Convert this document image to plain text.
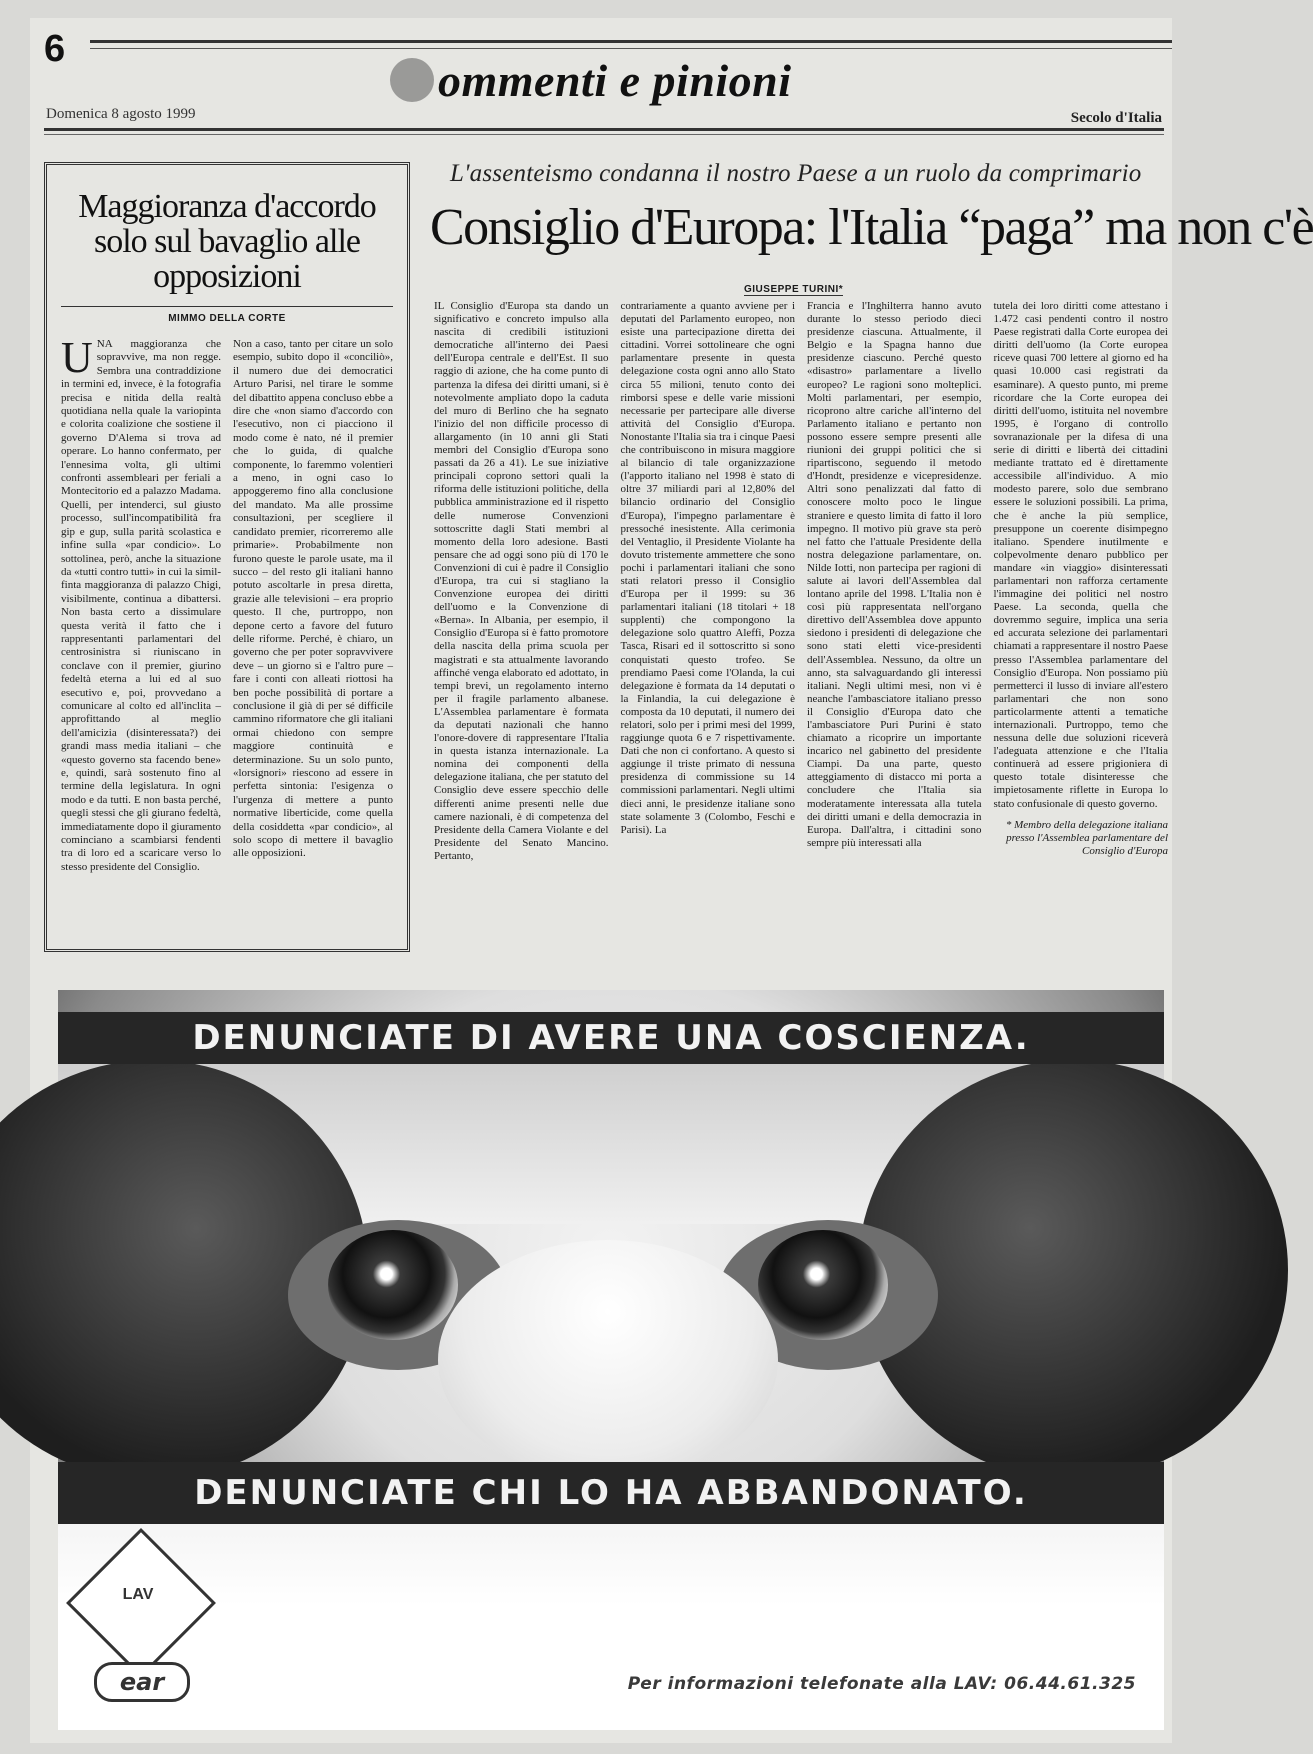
6
ommenti e pinioni
Domenica 8 agosto 1999	Secolo d'Italia
Maggioranza d'accordo solo sul bavaglio alle opposizioni
MIMMO DELLA CORTE
UNA maggioranza che sopravvive, ma non regge. Sembra una contraddizione in termini ed, invece, è la fotografia precisa e nitida della realtà quotidiana nella quale la variopinta e colorita coalizione che sostiene il governo D'Alema si trova ad operare. Lo hanno confermato, per l'ennesima volta, gli ultimi confronti assembleari per feriali a Montecitorio ed a palazzo Madama. Quelli, per intenderci, sul giusto processo, sull'incompatibilità fra gip e gup, sulla parità scolastica e infine sulla «par condicio». Lo sottolinea, però, anche la situazione da «tutti contro tutti» in cui la simil-finta maggioranza di palazzo Chigi, visibilmente, continua a dibattersi. Non basta certo a dissimulare questa verità il fatto che i rappresentanti parlamentari del centrosinistra si riuniscano in conclave con il premier, giurino fedeltà eterna a lui ed al suo esecutivo e, poi, provvedano a comunicare al colto ed all'inclita – approfittando al meglio dell'amicizia (disinteressata?) dei grandi mass media italiani – che «questo governo sta facendo bene» e, quindi, sarà sostenuto fino al termine della legislatura. In ogni modo e da tutti. E non basta perché, quegli stessi che gli giurano fedeltà, immediatamente dopo il giuramento cominciano a scambiarsi fendenti tra di loro ed a scaricare verso lo stesso presidente del Consiglio.
Non a caso, tanto per citare un solo esempio, subito dopo il «conciliò», il numero due dei democratici Arturo Parisi, nel tirare le somme del dibattito appena concluso ebbe a dire che «non siamo d'accordo con l'esecutivo, non ci piacciono il modo come è nato, né il premier che lo guida, di qualche componente, lo faremmo volentieri a meno, in ogni caso lo appoggeremo fino alla conclusione del mandato. Ma alle prossime consultazioni, per scegliere il candidato premier, ricorreremo alle primarie». Probabilmente non furono queste le parole usate, ma il succo – del resto gli italiani hanno potuto ascoltarle in presa diretta, grazie alle televisioni – era proprio questo. Il che, purtroppo, non depone certo a favore del futuro delle riforme. Perché, è chiaro, un governo che per poter sopravvivere deve – un giorno sì e l'altro pure – fare i conti con alleati riottosi ha ben poche possibilità di portare a conclusione il già di per sé difficile cammino riformatore che gli italiani ormai chiedono con sempre maggiore continuità e determinazione. Su un solo punto, «lorsignori» riescono ad essere in perfetta sintonia: l'esigenza o l'urgenza di mettere a punto normative liberticide, come quella della cosiddetta «par condicio», al solo scopo di mettere il bavaglio alle opposizioni.
L'assenteismo condanna il nostro Paese a un ruolo da comprimario
Consiglio d'Europa: l'Italia “paga” ma non c'è
GIUSEPPE TURINI*
IL Consiglio d'Europa sta dando un significativo e concreto impulso alla nascita di credibili istituzioni democratiche all'interno dei Paesi dell'Europa centrale e dell'Est. Il suo raggio di azione, che ha come punto di partenza la difesa dei diritti umani, si è notevolmente ampliato dopo la caduta del muro di Berlino che ha segnato l'inizio del non difficile processo di allargamento (in 10 anni gli Stati membri del Consiglio d'Europa sono passati da 26 a 41). Le sue iniziative principali coprono settori quali la riforma delle istituzioni politiche, della pubblica amministrazione ed il rispetto delle numerose Convenzioni sottoscritte dagli Stati membri al momento della loro adesione. Basti pensare che ad oggi sono più di 170 le Convenzioni di cui è padre il Consiglio d'Europa, tra cui si stagliano la Convenzione europea dei diritti dell'uomo e la Convenzione di «Berna». In Albania, per esempio, il Consiglio d'Europa si è fatto promotore della nascita della prima scuola per magistrati e sta attualmente lavorando affinché venga elaborato ed adottato, in tempi brevi, un regolamento interno per il fragile parlamento albanese. L'Assemblea parlamentare è formata da deputati nazionali che hanno l'onore-dovere di rappresentare l'Italia in questa istanza internazionale. La nomina dei componenti della delegazione italiana, che per statuto del Consiglio deve essere specchio delle differenti anime presenti nelle due camere nazionali, è di competenza del Presidente della Camera Violante e del Presidente del Senato Mancino. Pertanto,
contrariamente a quanto avviene per i deputati del Parlamento europeo, non esiste una partecipazione diretta dei cittadini. Vorrei sottolineare che ogni parlamentare presente in questa delegazione costa ogni anno allo Stato circa 55 milioni, tenuto conto dei rimborsi spese e delle varie missioni necessarie per partecipare alle diverse attività del Consiglio d'Europa. Nonostante l'Italia sia tra i cinque Paesi che contribuiscono in misura maggiore al bilancio di tale organizzazione (l'apporto italiano nel 1998 è stato di oltre 37 miliardi pari al 12,80% del bilancio ordinario del Consiglio d'Europa), l'impegno parlamentare è pressoché inesistente. Alla cerimonia del Ventaglio, il Presidente Violante ha dovuto tristemente ammettere che sono pochi i parlamentari italiani che sono stati relatori presso il Consiglio d'Europa per il 1999: su 36 parlamentari italiani (18 titolari + 18 supplenti) che compongono la delegazione solo quattro Aleffi, Pozza Tasca, Risari ed il sottoscritto si sono conquistati questo trofeo. Se prendiamo Paesi come l'Olanda, la cui delegazione è formata da 14 deputati o la Finlandia, la cui delegazione è composta da 10 deputati, il numero dei relatori, solo per i primi mesi del 1999, raggiunge quota 6 e 7 rispettivamente. Dati che non ci confortano. A questo si aggiunge il triste primato di nessuna presidenza di commissione su 14 commissioni parlamentari. Negli ultimi dieci anni, le presidenze italiane sono state solamente 3 (Colombo, Feschi e Parisi). La
Francia e l'Inghilterra hanno avuto durante lo stesso periodo dieci presidenze ciascuna. Attualmente, il Belgio e la Spagna hanno due presidenze ciascuno. Perché questo «disastro» parlamentare a livello europeo? Le ragioni sono molteplici. Molti parlamentari, per esempio, ricoprono altre cariche all'interno del Parlamento italiano e pertanto non possono essere sempre presenti alle riunioni dei gruppi politici che si ripartiscono, seguendo il metodo d'Hondt, presidenze e vicepresidenze. Altri sono penalizzati dal fatto di conoscere molto poco le lingue straniere e questo limita di fatto il loro impegno. Il motivo più grave sta però nel fatto che l'attuale Presidente della nostra delegazione parlamentare, on. Nilde Iotti, non partecipa per ragioni di salute ai lavori dell'Assemblea dal lontano aprile del 1998. L'Italia non è così più rappresentata nell'organo direttivo dell'Assemblea dove appunto siedono i presidenti di delegazione che sono stati eletti vice-presidenti dell'Assemblea. Nessuno, da oltre un anno, sta salvaguardando gli interessi italiani. Negli ultimi mesi, non vi è neanche l'ambasciatore italiano presso il Consiglio d'Europa dato che l'ambasciatore Puri Purini è stato chiamato a ricoprire un importante incarico nel gabinetto del presidente Ciampi. Da una parte, questo atteggiamento di distacco mi porta a concludere che l'Italia sia moderatamente interessata alla tutela dei diritti umani e della democrazia in Europa. Dall'altra, i cittadini sono sempre più interessati alla
tutela dei loro diritti come attestano i 1.472 casi pendenti contro il nostro Paese registrati dalla Corte europea dei diritti dell'uomo (la Corte europea riceve quasi 700 lettere al giorno ed ha quasi 10.000 casi registrati da esaminare). A questo punto, mi preme ricordare che la Corte europea dei diritti dell'uomo, istituita nel novembre 1995, è l'organo di controllo sovranazionale per la difesa di una serie di diritti e libertà dei cittadini mediante trattato ed è direttamente accessibile all'individuo. A mio modesto parere, solo due sembrano essere le soluzioni possibili. La prima, che è anche la più semplice, presuppone un coerente disimpegno italiano. Spendere inutilmente e colpevolmente denaro pubblico per mandare «in viaggio» disinteressati parlamentari non rafforza certamente l'immagine dei politici nel nostro Paese. La seconda, quella che dovremmo seguire, implica una seria ed accurata selezione dei parlamentari chiamati a rappresentare il nostro Paese presso l'Assemblea parlamentare del Consiglio d'Europa. Non possiamo più permetterci il lusso di inviare all'estero parlamentari che non sono particolarmente attenti a tematiche internazionali. Purtroppo, temo che nessuna delle due soluzioni riceverà l'adeguata attenzione e che l'Italia continuerà ad essere prigioniera di questo totale disinteresse che impietosamente riflette in Europa lo stato confusionale di questo governo.
* Membro della delegazione italiana presso l'Assemblea parlamentare del Consiglio d'Europa
DENUNCIATE DI AVERE UNA COSCIENZA.
DENUNCIATE CHI LO HA ABBANDONATO.
LAV
ear	Per informazioni telefonate alla LAV: 06.44.61.325
